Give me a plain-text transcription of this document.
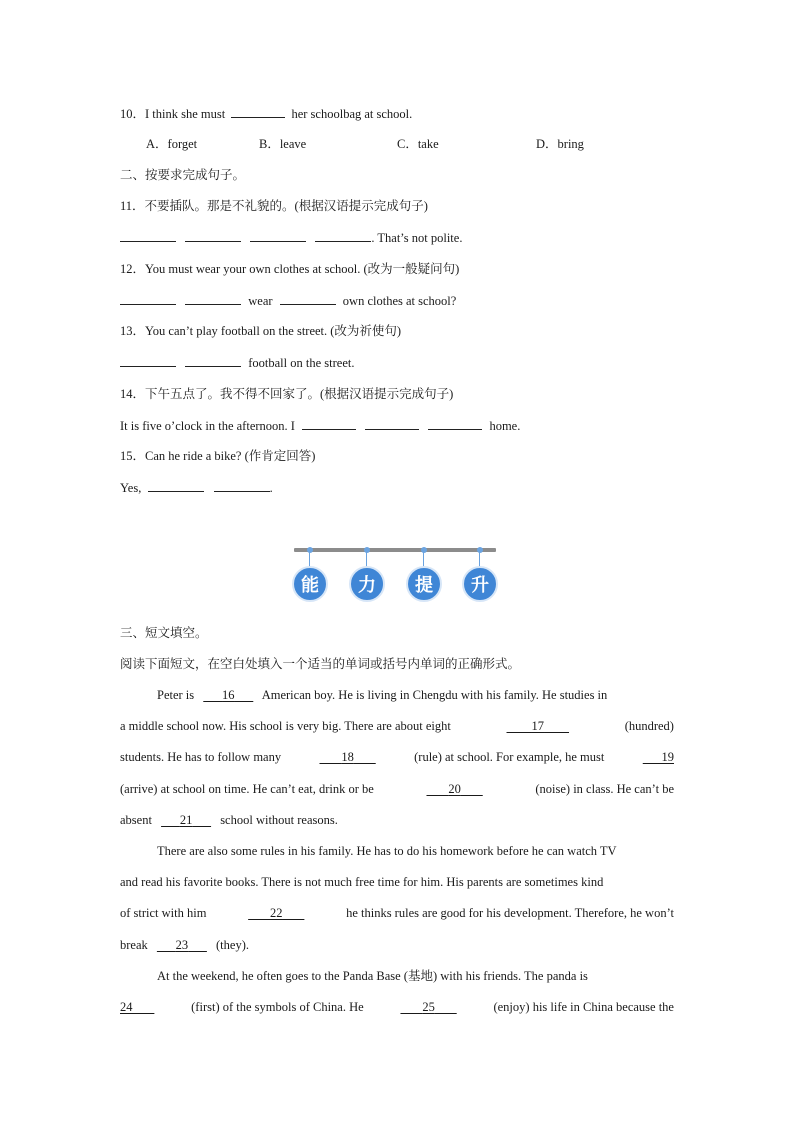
10．I think she must	her schoolbag at school.
A．forget	B．leave	C．take	D．bring
二、按要求完成句子。
11．不要插队。那是不礼貌的。(根据汉语提示完成句子)
. That’s not polite.
12．You must wear your own clothes at school. (改为一般疑问句)
wear	own clothes at school?
13．You can’t play football on the street. (改为祈使句)
football on the street.
14．下午五点了。我不得不回家了。(根据汉语提示完成句子)
It is five o’clock in the afternoon. I	home.
15．Can he ride a bike? (作肯定回答)
Yes,	.
能	力	提	升
三、短文填空。
阅读下面短文，在空白处填入一个适当的单词或括号内单词的正确形式。
Peter is 16 American boy. He is living in Chengdu with his family. He studies in
a middle school now. His school is very big. There are about eight	17	(hundred)
students. He has to follow many	18	(rule) at school. For example, he must	19
(arrive) at school on time. He can’t eat, drink or be	20	(noise) in class. He can’t be
absent 21 school without reasons.
There are also some rules in his family. He has to do his homework before he can watch TV
and read his favorite books. There is not much free time for him. His parents are sometimes kind
of strict with him	22	he thinks rules are good for his development. Therefore, he won’t
break 23 (they).
At the weekend, he often goes to the Panda Base (基地) with his friends. The panda is
24	(first) of the symbols of China. He	25	(enjoy) his life in China because the
